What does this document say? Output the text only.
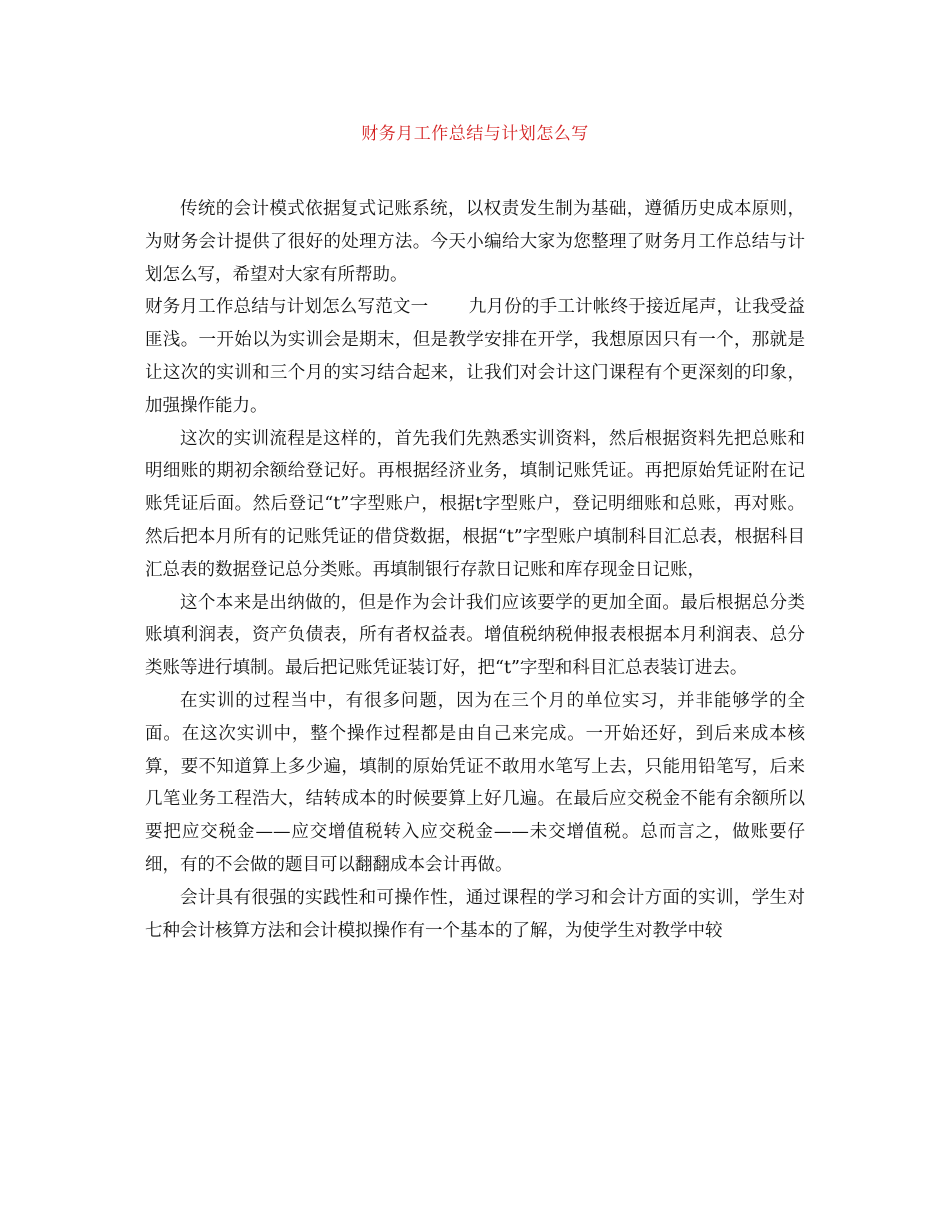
财务月工作总结与计划怎么写

传统的会计模式依据复式记账系统，以权责发生制为基础，遵循历史成本原则，为财务会计提供了很好的处理方法。今天小编给大家为您整理了财务月工作总结与计划怎么写，希望对大家有所帮助。

财务月工作总结与计划怎么写范文一 九月份的手工计帐终于接近尾声，让我受益匪浅。一开始以为实训会是期末，但是教学安排在开学，我想原因只有一个，那就是让这次的实训和三个月的实习结合起来，让我们对会计这门课程有个更深刻的印象，加强操作能力。

这次的实训流程是这样的，首先我们先熟悉实训资料，然后根据资料先把总账和明细账的期初余额给登记好。再根据经济业务，填制记账凭证。再把原始凭证附在记账凭证后面。然后登记“t”字型账户，根据t字型账户，登记明细账和总账，再对账。然后把本月所有的记账凭证的借贷数据，根据“t”字型账户填制科目汇总表，根据科目汇总表的数据登记总分类账。再填制银行存款日记账和库存现金日记账，

这个本来是出纳做的，但是作为会计我们应该要学的更加全面。最后根据总分类账填利润表，资产负债表，所有者权益表。增值税纳税伸报表根据本月利润表、总分类账等进行填制。最后把记账凭证装订好，把“t”字型和科目汇总表装订进去。

在实训的过程当中，有很多问题，因为在三个月的单位实习，并非能够学的全面。在这次实训中，整个操作过程都是由自己来完成。一开始还好，到后来成本核算，要不知道算上多少遍，填制的原始凭证不敢用水笔写上去，只能用铅笔写，后来几笔业务工程浩大，结转成本的时候要算上好几遍。在最后应交税金不能有余额所以要把应交税金——应交增值税转入应交税金——未交增值税。总而言之，做账要仔细，有的不会做的题目可以翻翻成本会计再做。

会计具有很强的实践性和可操作性，通过课程的学习和会计方面的实训，学生对七种会计核算方法和会计模拟操作有一个基本的了解，为使学生对教学中较
